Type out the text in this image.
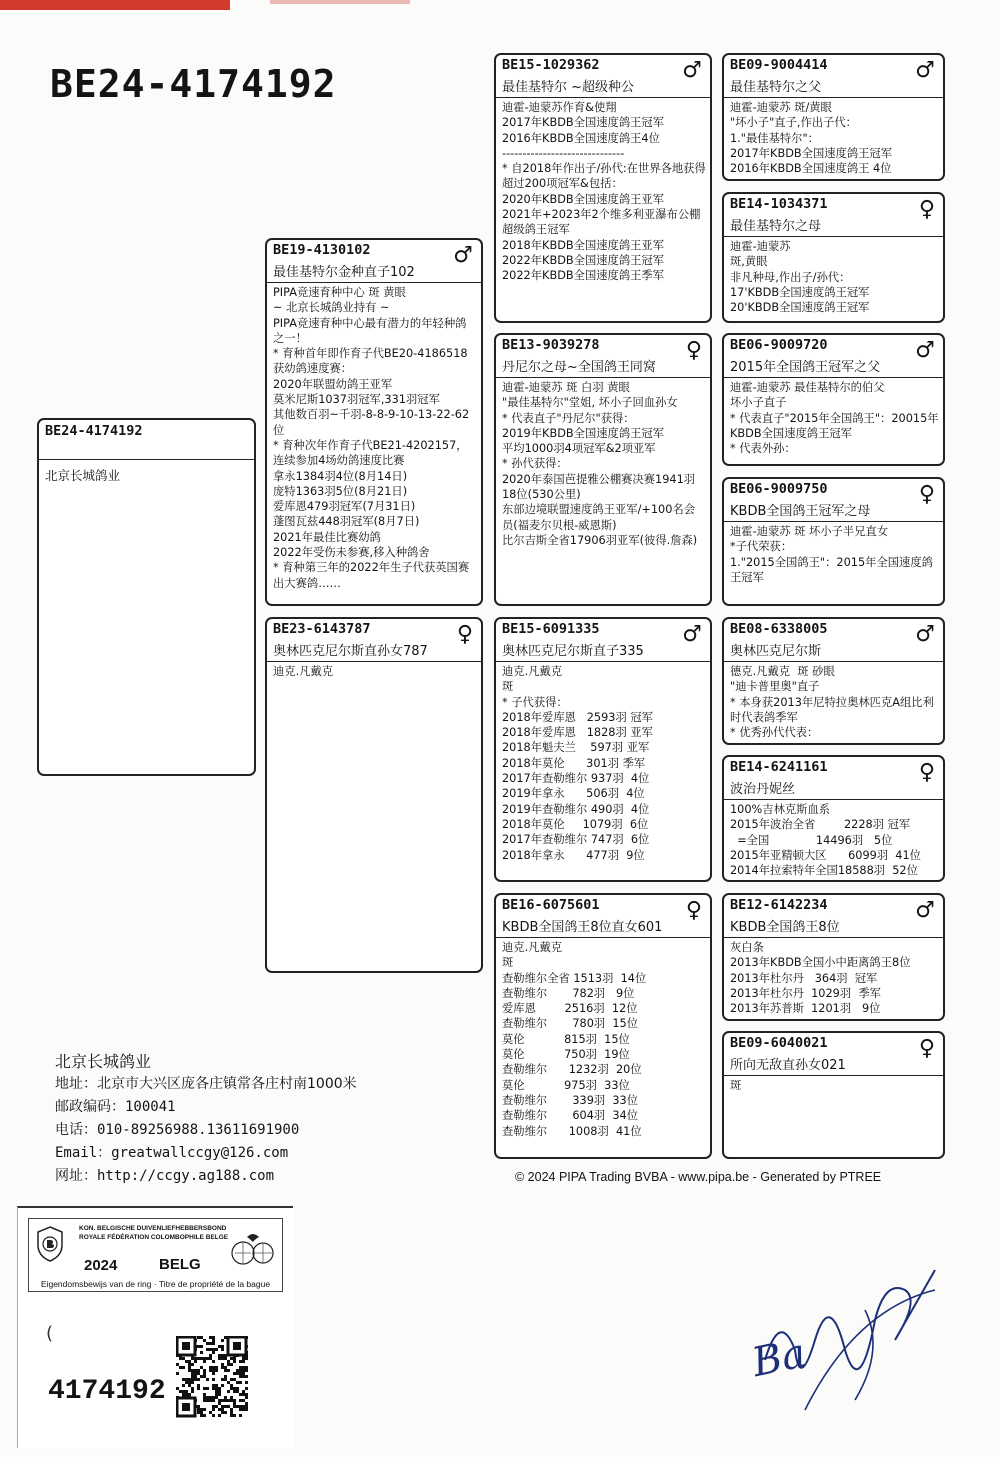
BE24-4174192
BE24-4174192
北京长城鸽业
BE19-4130102
最佳基特尔金种直子102
♂
PIPA竞速育种中心 斑 黄眼
~ 北京长城鸽业持有 ~
PIPA竞速育种中心最有潜力的年轻种鸽之一！
* 育种首年即作育子代BE20-4186518获幼鸽速度赛：
2020年联盟幼鸽王亚军
莫米尼斯1037羽冠军,331羽冠军
其他数百羽~千羽-8-8-9-10-13-22-62位
* 育种次年作育子代BE21-4202157，连续参加4场幼鸽速度比赛
拿永1384羽4位(8月14日)
庞特1363羽5位(8月21日)
爱库恩479羽冠军(7月31日)
蓬图瓦兹448羽冠军(8月7日)
2021年最佳比赛幼鸽
2022年受伤未参赛,移入种鸽舍
* 育种第三年的2022年生子代获英国赛出大赛鸽……
BE23-6143787
奥林匹克尼尔斯直孙女787
♀
迪克.凡戴克
BE15-1029362
最佳基特尔 ~超级种公
♂
迪霍-迪蒙苏作育&使翔
2017年KBDB全国速度鸽王冠军
2016年KBDB全国速度鸽王4位
------------------------------
* 自2018年作出子/孙代:在世界各地获得超过200项冠军&包括：
2020年KBDB全国速度鸽王亚军
2021年+2023年2个维多利亚瀑布公棚超级鸽王冠军
2018年KBDB全国速度鸽王亚军
2022年KBDB全国速度鸽王冠军
2022年KBDB全国速度鸽王季军
BE13-9039278
丹尼尔之母~全国鸽王同窝
♀
迪霍-迪蒙苏 斑 白羽 黄眼
"最佳基特尔"堂姐, 坏小子回血孙女
* 代表直子"丹尼尔"获得：
2019年KBDB全国速度鸽王冠军
平均1000羽4项冠军&2项亚军
* 孙代获得：
2020年泰国芭提雅公棚赛决赛1941羽18位(530公里)
东部边境联盟速度鸽王亚军/+100名会员(福麦尔贝根-威恩斯)
比尔吉斯全省17906羽亚军(彼得.詹森)
BE15-6091335
奥林匹克尼尔斯直子335
♂
迪克.凡戴克
斑
* 子代获得：
2018年爱库恩   2593羽 冠军
2018年爱库恩   1828羽 亚军
2018年魁夫兰    597羽 亚军
2018年莫伦      301羽 季军
2017年查勒维尔 937羽  4位
2019年拿永      506羽  4位
2019年查勒维尔 490羽  4位
2018年莫伦     1079羽  6位
2017年查勒维尔 747羽  6位
2018年拿永      477羽  9位
BE16-6075601
KBDB全国鸽王8位直女601
♀
迪克.凡戴克
斑
查勒维尔全省 1513羽  14位
查勒维尔       782羽   9位
爱库恩        2516羽  12位
查勒维尔       780羽  15位
莫伦           815羽  15位
莫伦           750羽  19位
查勒维尔      1232羽  20位
莫伦           975羽  33位
查勒维尔       339羽  33位
查勒维尔       604羽  34位
查勒维尔      1008羽  41位
BE09-9004414
最佳基特尔之父
♂
迪霍-迪蒙苏 斑/黄眼
"坏小子"直子,作出子代：
1."最佳基特尔"：
2017年KBDB全国速度鸽王冠军
2016年KBDB全国速度鸽王 4位
BE14-1034371
最佳基特尔之母
♀
迪霍-迪蒙苏
斑,黄眼
非凡种母,作出子/孙代：
17'KBDB全国速度鸽王冠军
20'KBDB全国速度鸽王冠军
BE06-9009720
2015年全国鸽王冠军之父
♂
迪霍-迪蒙苏 最佳基特尔的伯父
坏小子直子
* 代表直子"2015年全国鸽王"：20015年KBDB全国速度鸽王冠军
* 代表外孙：
BE06-9009750
KBDB全国鸽王冠军之母
♀
迪霍-迪蒙苏 斑 坏小子半兄直女
*子代荣获：
1."2015全国鸽王"：2015年全国速度鸽王冠军
BE08-6338005
奥林匹克尼尔斯
♂
德克.凡戴克  斑 砂眼
"迪卡普里奥"直子
* 本身获2013年尼特拉奥林匹克A组比利时代表鸽季军
* 优秀孙代代表：
BE14-6241161
波治丹妮丝
♀
100%吉林克斯血系
2015年波治全省        2228羽 冠军
=全国             14496羽   5位
2015年亚精顿大区      6099羽  41位
2014年拉索特年全国18588羽  52位
BE12-6142234
KBDB全国鸽王8位
♂
灰白条
2013年KBDB全国小中距离鸽王8位
2013年杜尔丹   364羽  冠军
2013年杜尔丹  1029羽  季军
2013年苏普斯  1201羽   9位
BE09-6040021
所向无敌直孙女021
♀
斑
北京长城鸽业
地址：北京市大兴区庞各庄镇常各庄村南1000米
邮政编码：100041
电话：010-89256988.13611691900
Email：greatwallccgy@126.com
网址：http://ccgy.ag188.com	© 2024 PIPA Trading BVBA - www.pipa.be - Generated by PTREE
KON. BELGISCHE DUIVENLIEFHEBBERSBOND
ROYALE FÉDÉRATION COLOMBOPHILE BELGE
2024	BELG
Eigendomsbewijs van de ring · Titre de propriété de la bague
(
4174192
Ba
